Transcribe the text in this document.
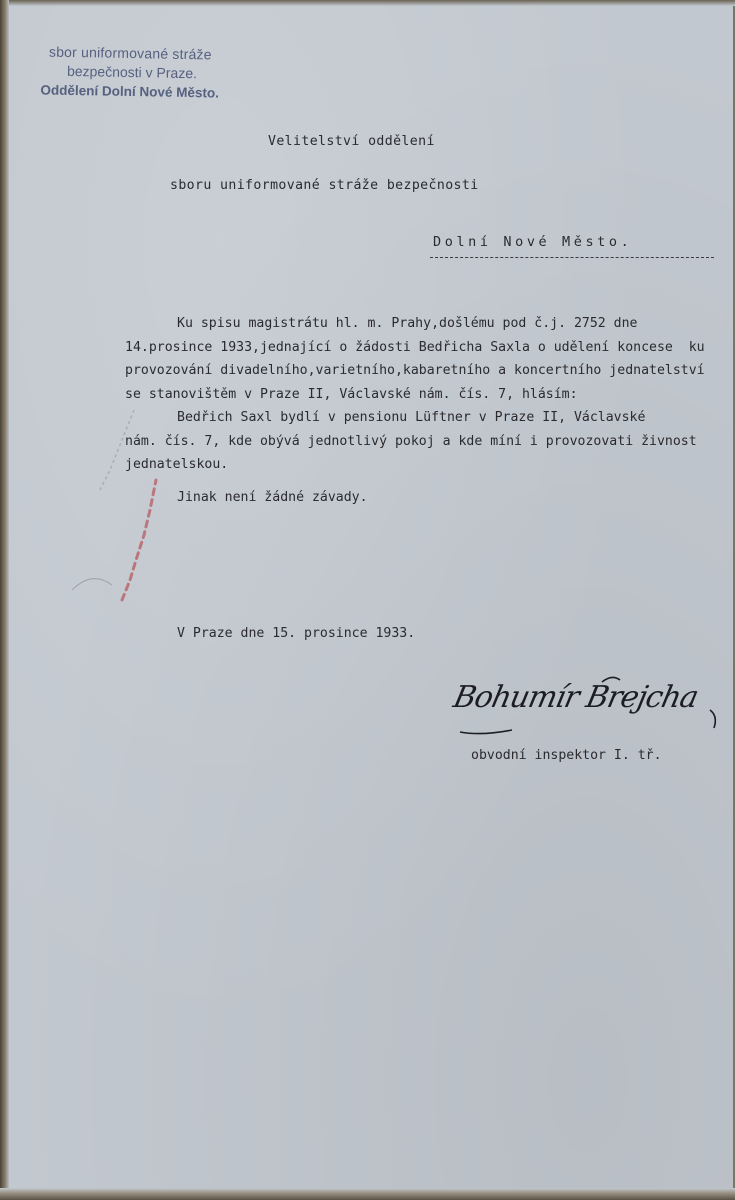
sbor uniformované stráže
bezpečnosti v Praze.
Oddělení Dolní Nové Město.
Velitelství oddělení
sboru uniformované stráže bezpečnosti
Dolní Nové Město.
Ku spisu magistrátu hl. m. Prahy,došlému pod č.j. 2752 dne
14.prosince 1933,jednající o žádosti Bedřicha Saxla o udělení koncese  ku
provozování divadelního,varietního,kabaretního a koncertního jednatelství
se stanovištěm v Praze II, Václavské nám. čís. 7, hlásím:
Bedřich Saxl bydlí v pensionu Lüftner v Praze II, Václavské
nám. čís. 7, kde obývá jednotlivý pokoj a kde míní i provozovati živnost
jednatelskou.
Jinak není žádné závady.
V Praze dne 15. prosince 1933.
Bohumír Brejcha
obvodní inspektor I. tř.
